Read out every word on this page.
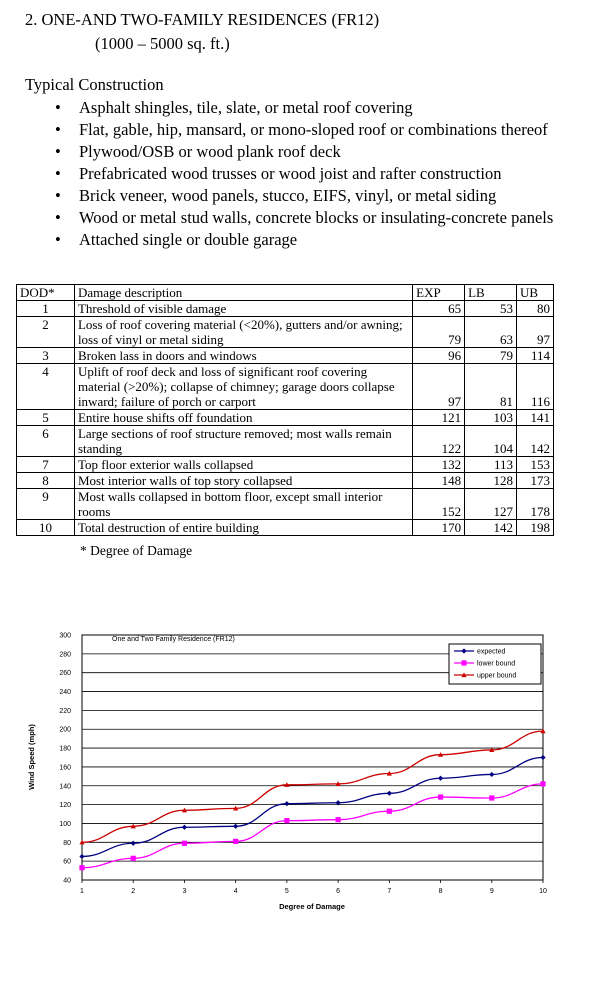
2. ONE-AND TWO-FAMILY RESIDENCES (FR12)
(1000 – 5000 sq. ft.)
Typical Construction
• Asphalt shingles, tile, slate, or metal roof covering
• Flat, gable, hip, mansard, or mono-sloped roof or combinations thereof
• Plywood/OSB or wood plank roof deck
• Prefabricated wood trusses or wood joist and rafter construction
• Brick veneer, wood panels, stucco, EIFS, vinyl, or metal siding
• Wood or metal stud walls, concrete blocks or insulating-concrete panels
• Attached single or double garage
DOD*	Damage description	EXP	LB	UB
1	Threshold of visible damage	65	53	80
2	Loss of roof covering material (<20%), gutters and/or awning; loss of vinyl or metal siding	79	63	97
3	Broken lass in doors and windows	96	79	114
4	Uplift of roof deck and loss of significant roof covering material (>20%); collapse of chimney; garage doors collapse inward; failure of porch or carport	97	81	116
5	Entire house shifts off foundation	121	103	141
6	Large sections of roof structure removed; most walls remain standing	122	104	142
7	Top floor exterior walls collapsed	132	113	153
8	Most interior walls of top story collapsed	148	128	173
9	Most walls collapsed in bottom floor, except small interior rooms	152	127	178
10	Total destruction of entire building	170	142	198
* Degree of Damage
40
60
80
100
120
140
160
180
200
220
240
260
280
300
1	2	3	4	5	6	7	8	9	10
One and Two Family Residence (FR12)
Degree of Damage
Wind Speed (mph)
expected
lower bound
upper bound
